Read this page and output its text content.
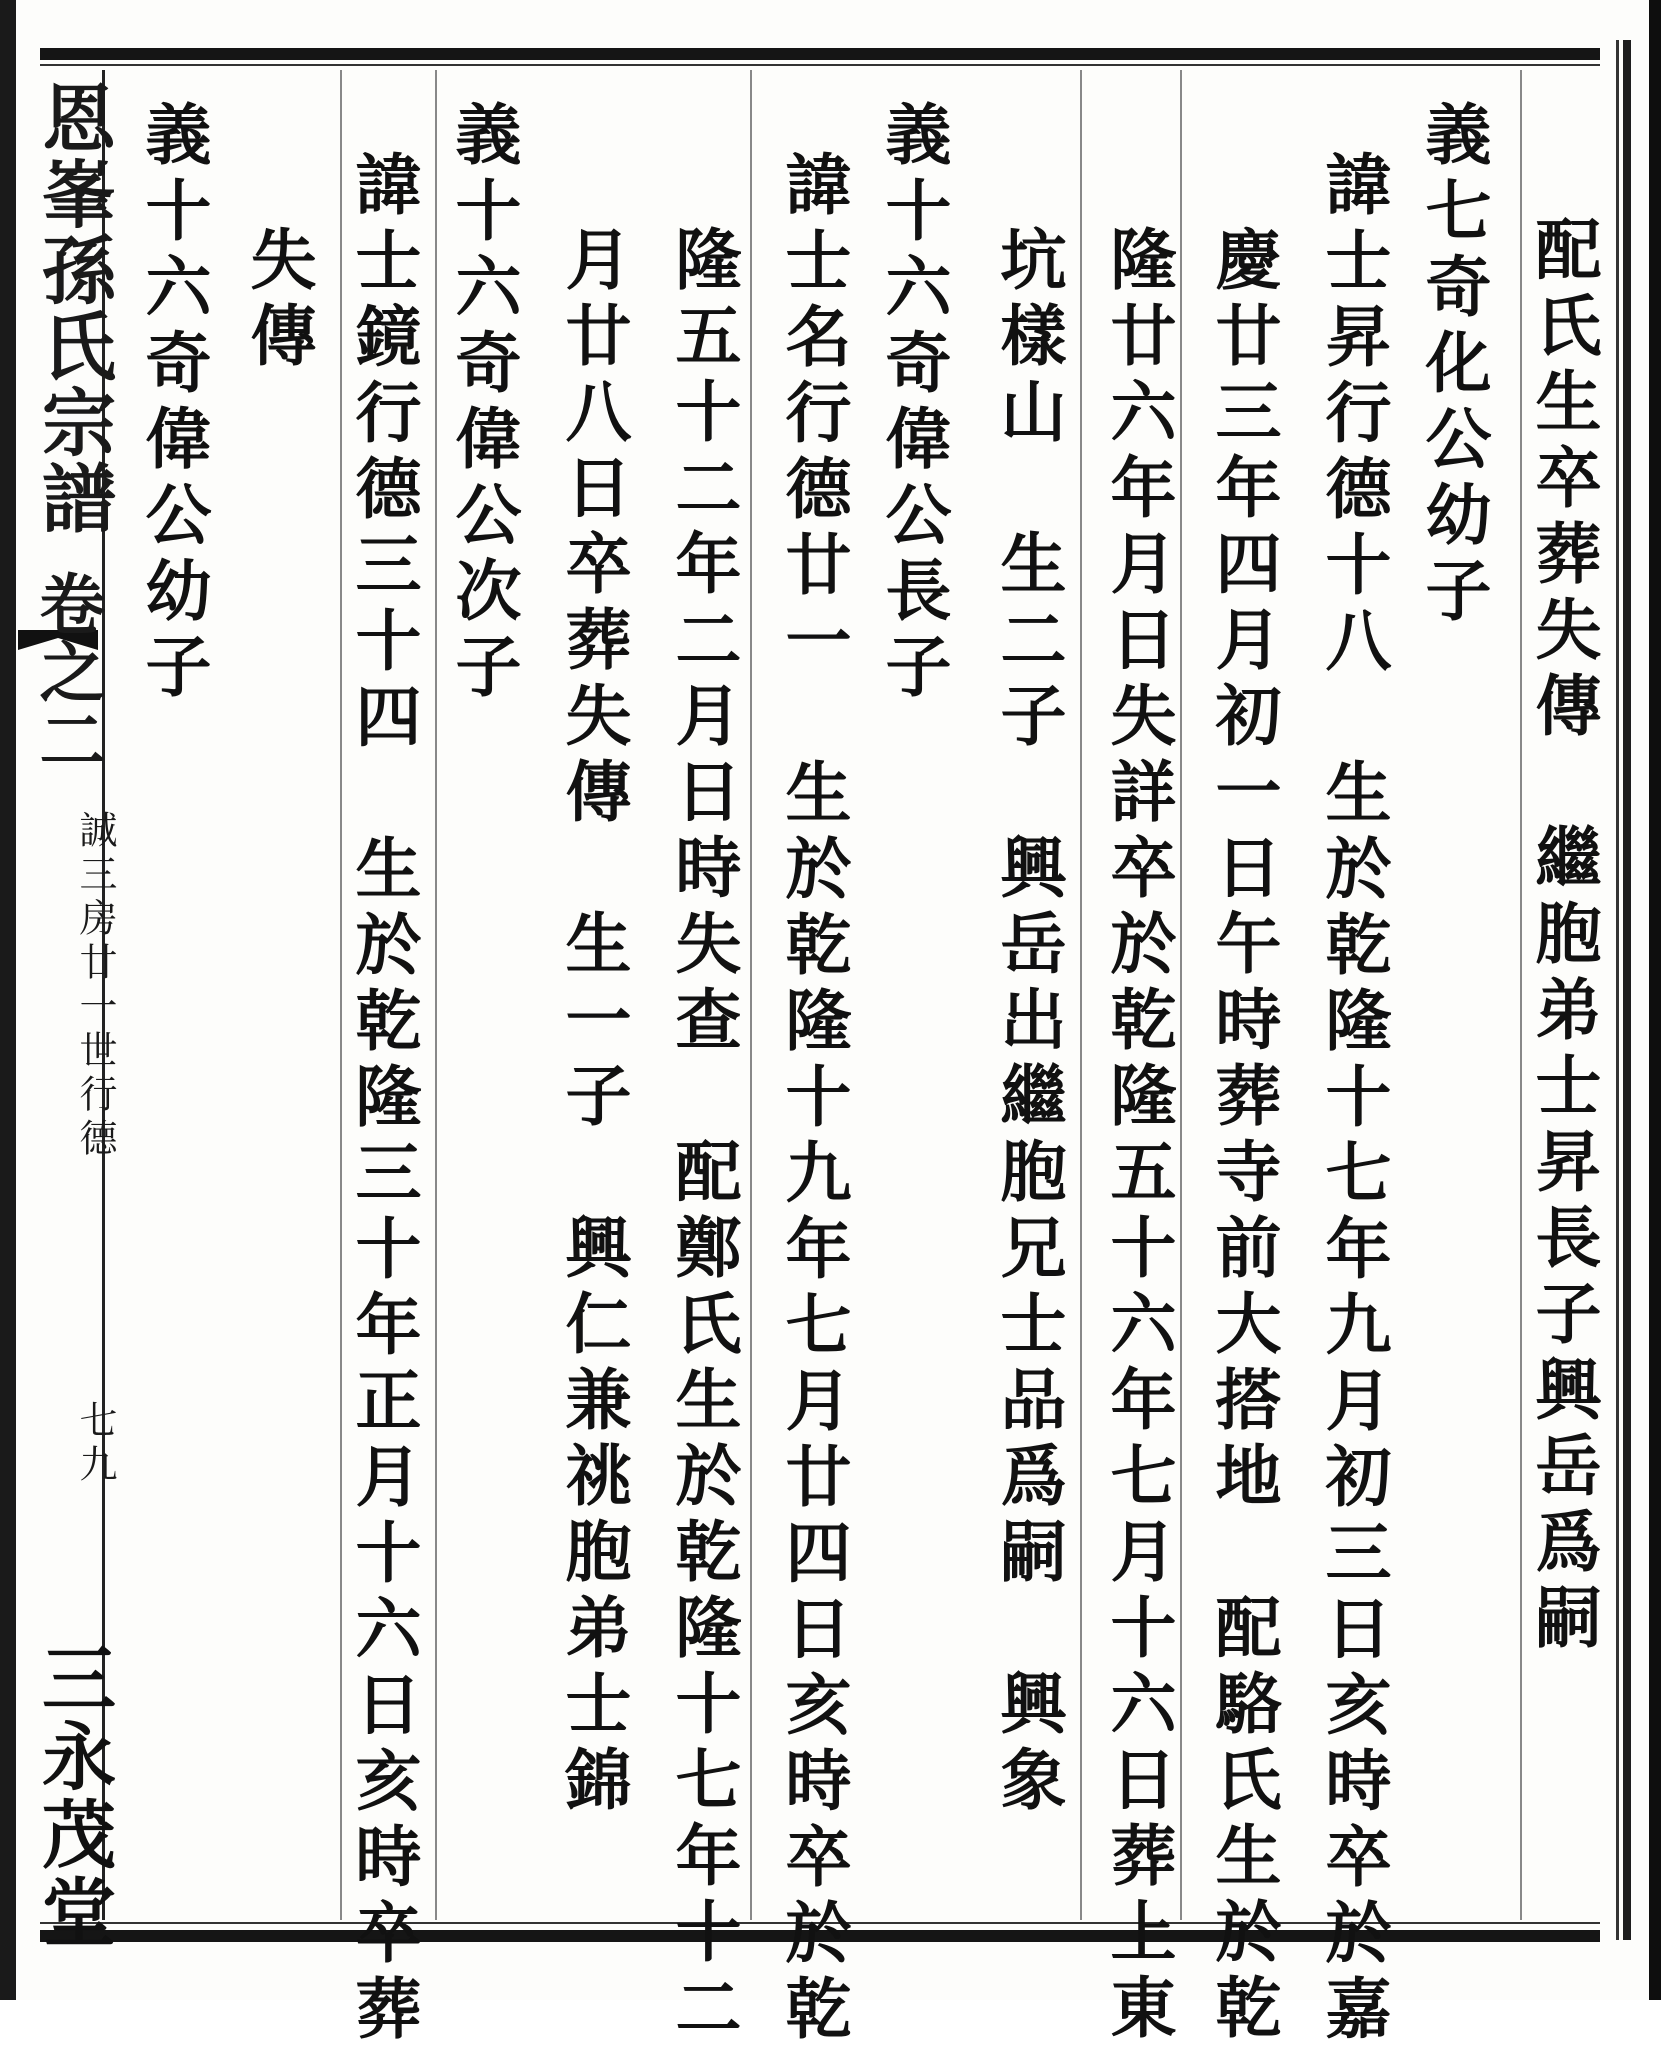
恩峯孫氏宗譜
卷之二
誠三房廿一世行德
七九
三永茂堂

配氏生卒葬失傳　繼胞弟士昇長子興岳爲嗣
義七奇化公幼子
諱士昇行德十八　生於乾隆十七年九月初三日亥時卒於嘉
慶廿三年四月初一日午時葬寺前大搭地　配駱氏生於乾
隆廿六年月日失詳卒於乾隆五十六年七月十六日葬上東
坑樣山　生二子　興岳出繼胞兄士品爲嗣　興象
義十六奇偉公長子
諱士名行德廿一　生於乾隆十九年七月廿四日亥時卒於乾
隆五十二年二月日時失查　配鄭氏生於乾隆十七年十二
月廿八日卒葬失傳　生一子　興仁兼祧胞弟士錦
義十六奇偉公次子
諱士鏡行德三十四　生於乾隆三十年正月十六日亥時卒葬
失傳
義十六奇偉公幼子
